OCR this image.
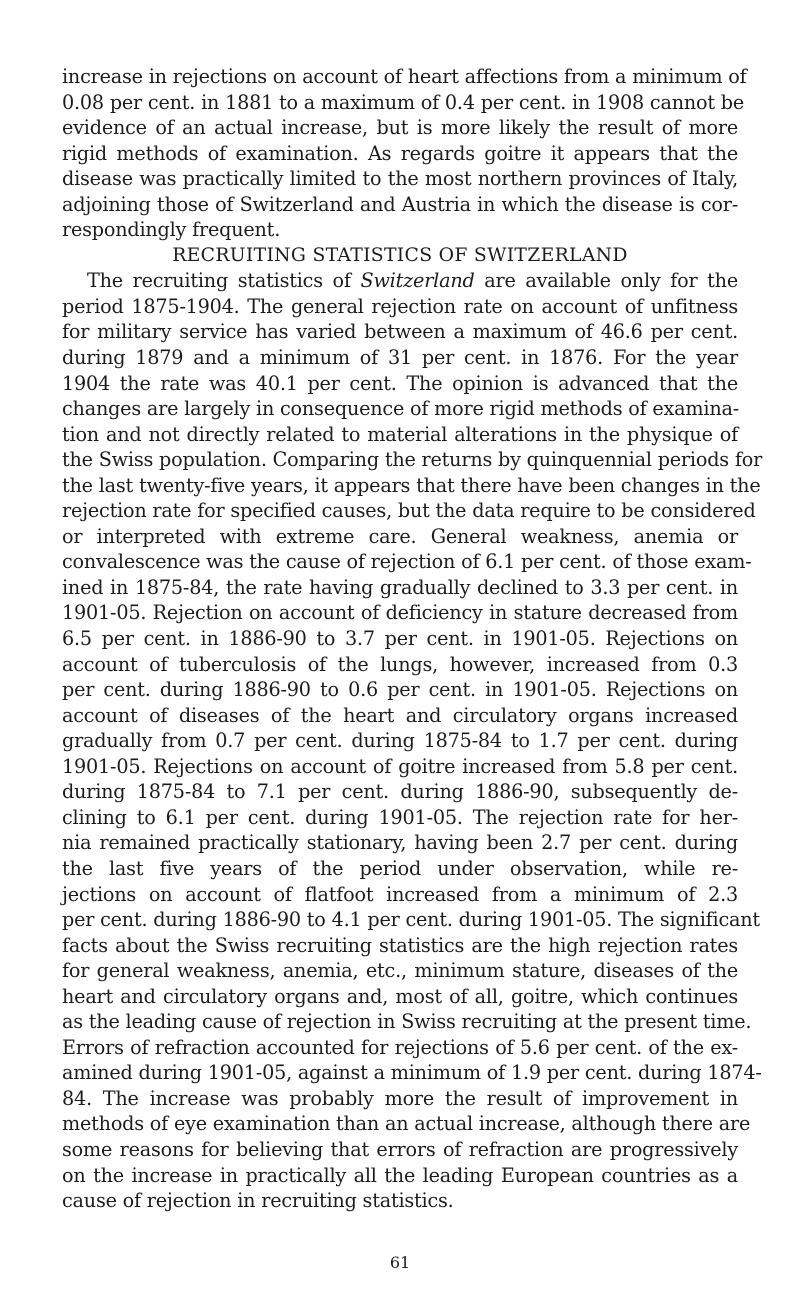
increase in rejections on account of heart affections from a minimum of
0.08 per cent. in 1881 to a maximum of 0.4 per cent. in 1908 cannot be
evidence of an actual increase, but is more likely the result of more
rigid methods of examination. As regards goitre it appears that the
disease was practically limited to the most northern provinces of Italy,
adjoining those of Switzerland and Austria in which the disease is cor-
respondingly frequent.
RECRUITING STATISTICS OF SWITZERLAND
The recruiting statistics of Switzerland are available only for the
period 1875-1904. The general rejection rate on account of unfitness
for military service has varied between a maximum of 46.6 per cent.
during 1879 and a minimum of 31 per cent. in 1876. For the year
1904 the rate was 40.1 per cent. The opinion is advanced that the
changes are largely in consequence of more rigid methods of examina-
tion and not directly related to material alterations in the physique of
the Swiss population. Comparing the returns by quinquennial periods for
the last twenty-five years, it appears that there have been changes in the
rejection rate for specified causes, but the data require to be considered
or interpreted with extreme care. General weakness, anemia or
convalescence was the cause of rejection of 6.1 per cent. of those exam-
ined in 1875-84, the rate having gradually declined to 3.3 per cent. in
1901-05. Rejection on account of deficiency in stature decreased from
6.5 per cent. in 1886-90 to 3.7 per cent. in 1901-05. Rejections on
account of tuberculosis of the lungs, however, increased from 0.3
per cent. during 1886-90 to 0.6 per cent. in 1901-05. Rejections on
account of diseases of the heart and circulatory organs increased
gradually from 0.7 per cent. during 1875-84 to 1.7 per cent. during
1901-05. Rejections on account of goitre increased from 5.8 per cent.
during 1875-84 to 7.1 per cent. during 1886-90, subsequently de-
clining to 6.1 per cent. during 1901-05. The rejection rate for her-
nia remained practically stationary, having been 2.7 per cent. during
the last five years of the period under observation, while re-
jections on account of flatfoot increased from a minimum of 2.3
per cent. during 1886-90 to 4.1 per cent. during 1901-05. The significant
facts about the Swiss recruiting statistics are the high rejection rates
for general weakness, anemia, etc., minimum stature, diseases of the
heart and circulatory organs and, most of all, goitre, which continues
as the leading cause of rejection in Swiss recruiting at the present time.
Errors of refraction accounted for rejections of 5.6 per cent. of the ex-
amined during 1901-05, against a minimum of 1.9 per cent. during 1874-
84. The increase was probably more the result of improvement in
methods of eye examination than an actual increase, although there are
some reasons for believing that errors of refraction are progressively
on the increase in practically all the leading European countries as a
cause of rejection in recruiting statistics.
61
